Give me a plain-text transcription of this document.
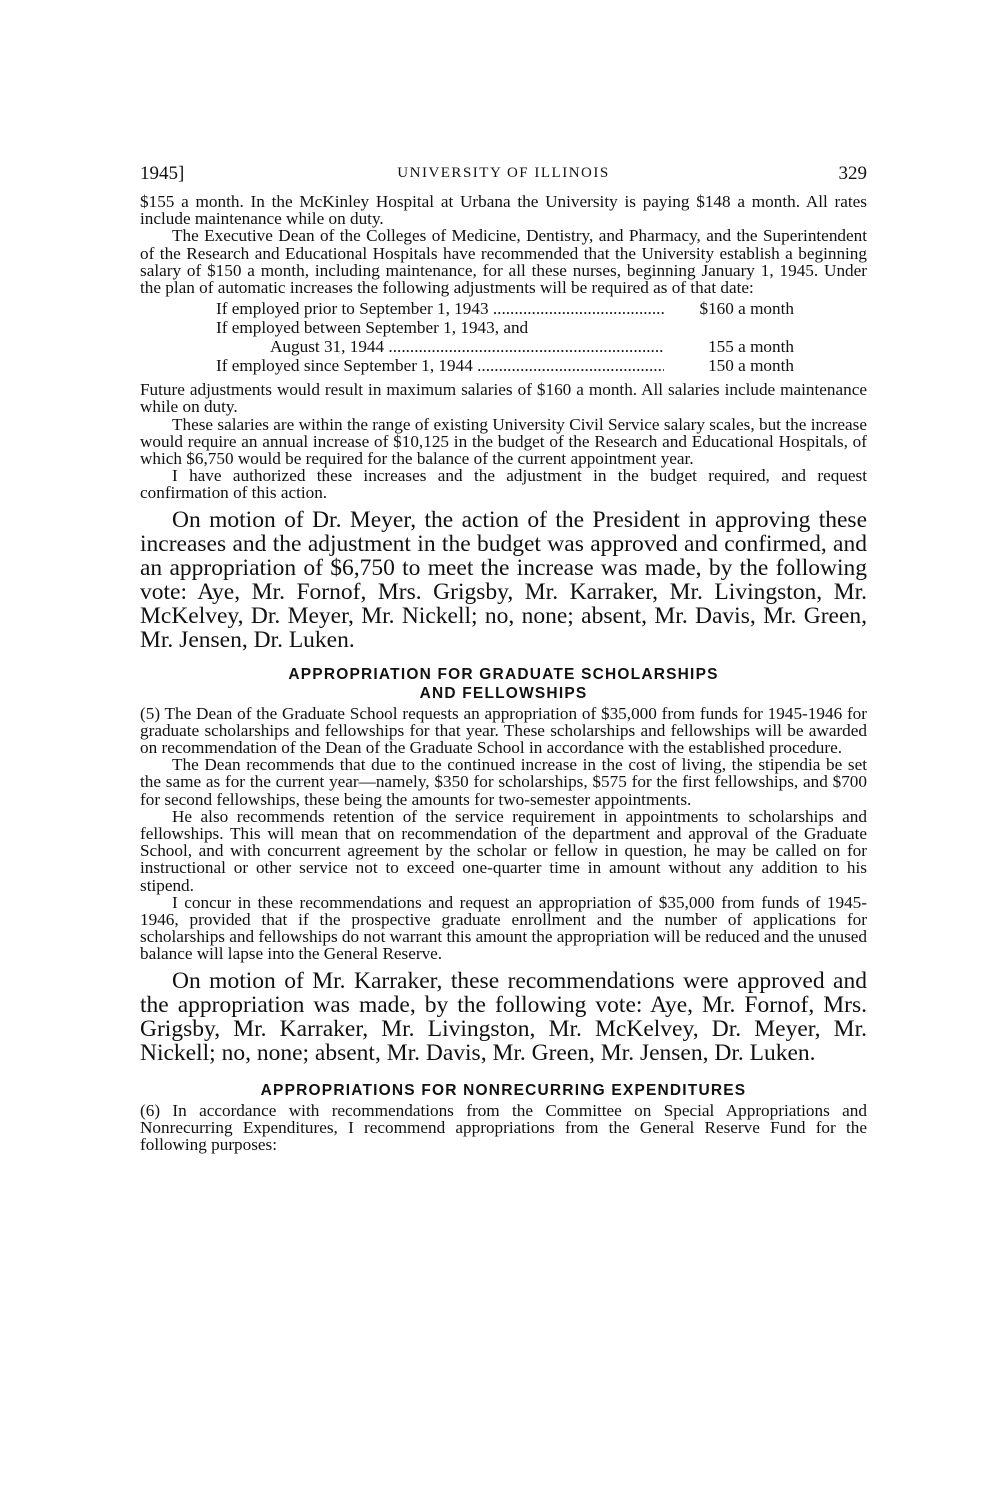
1945]	UNIVERSITY OF ILLINOIS	329

$155 a month. In the McKinley Hospital at Urbana the University is paying $148 a month. All rates include maintenance while on duty.

The Executive Dean of the Colleges of Medicine, Dentistry, and Pharmacy, and the Superintendent of the Research and Educational Hospitals have recommended that the University establish a beginning salary of $150 a month, including maintenance, for all these nurses, beginning January 1, 1945. Under the plan of automatic increases the following adjustments will be required as of that date:

If employed prior to September 1, 1943 .....	$160 a month
If employed between September 1, 1943, and
August 31, 1944 .....	155 a month
If employed since September 1, 1944 .....	150 a month

Future adjustments would result in maximum salaries of $160 a month. All salaries include maintenance while on duty.

These salaries are within the range of existing University Civil Service salary scales, but the increase would require an annual increase of $10,125 in the budget of the Research and Educational Hospitals, of which $6,750 would be required for the balance of the current appointment year.

I have authorized these increases and the adjustment in the budget required, and request confirmation of this action.

On motion of Dr. Meyer, the action of the President in approving these increases and the adjustment in the budget was approved and confirmed, and an appropriation of $6,750 to meet the increase was made, by the following vote: Aye, Mr. Fornof, Mrs. Grigsby, Mr. Karraker, Mr. Livingston, Mr. McKelvey, Dr. Meyer, Mr. Nickell; no, none; absent, Mr. Davis, Mr. Green, Mr. Jensen, Dr. Luken.

APPROPRIATION FOR GRADUATE SCHOLARSHIPS

AND FELLOWSHIPS

(5) The Dean of the Graduate School requests an appropriation of $35,000 from funds for 1945-1946 for graduate scholarships and fellowships for that year. These scholarships and fellowships will be awarded on recommendation of the Dean of the Graduate School in accordance with the established procedure.

The Dean recommends that due to the continued increase in the cost of living, the stipendia be set the same as for the current year—namely, $350 for scholarships, $575 for the first fellowships, and $700 for second fellowships, these being the amounts for two-semester appointments.

He also recommends retention of the service requirement in appointments to scholarships and fellowships. This will mean that on recommendation of the department and approval of the Graduate School, and with concurrent agreement by the scholar or fellow in question, he may be called on for instructional or other service not to exceed one-quarter time in amount without any addition to his stipend.

I concur in these recommendations and request an appropriation of $35,000 from funds of 1945-1946, provided that if the prospective graduate enrollment and the number of applications for scholarships and fellowships do not warrant this amount the appropriation will be reduced and the unused balance will lapse into the General Reserve.

On motion of Mr. Karraker, these recommendations were approved and the appropriation was made, by the following vote: Aye, Mr. Fornof, Mrs. Grigsby, Mr. Karraker, Mr. Livingston, Mr. McKelvey, Dr. Meyer, Mr. Nickell; no, none; absent, Mr. Davis, Mr. Green, Mr. Jensen, Dr. Luken.

APPROPRIATIONS FOR NONRECURRING EXPENDITURES

(6) In accordance with recommendations from the Committee on Special Appropriations and Nonrecurring Expenditures, I recommend appropriations from the General Reserve Fund for the following purposes:
